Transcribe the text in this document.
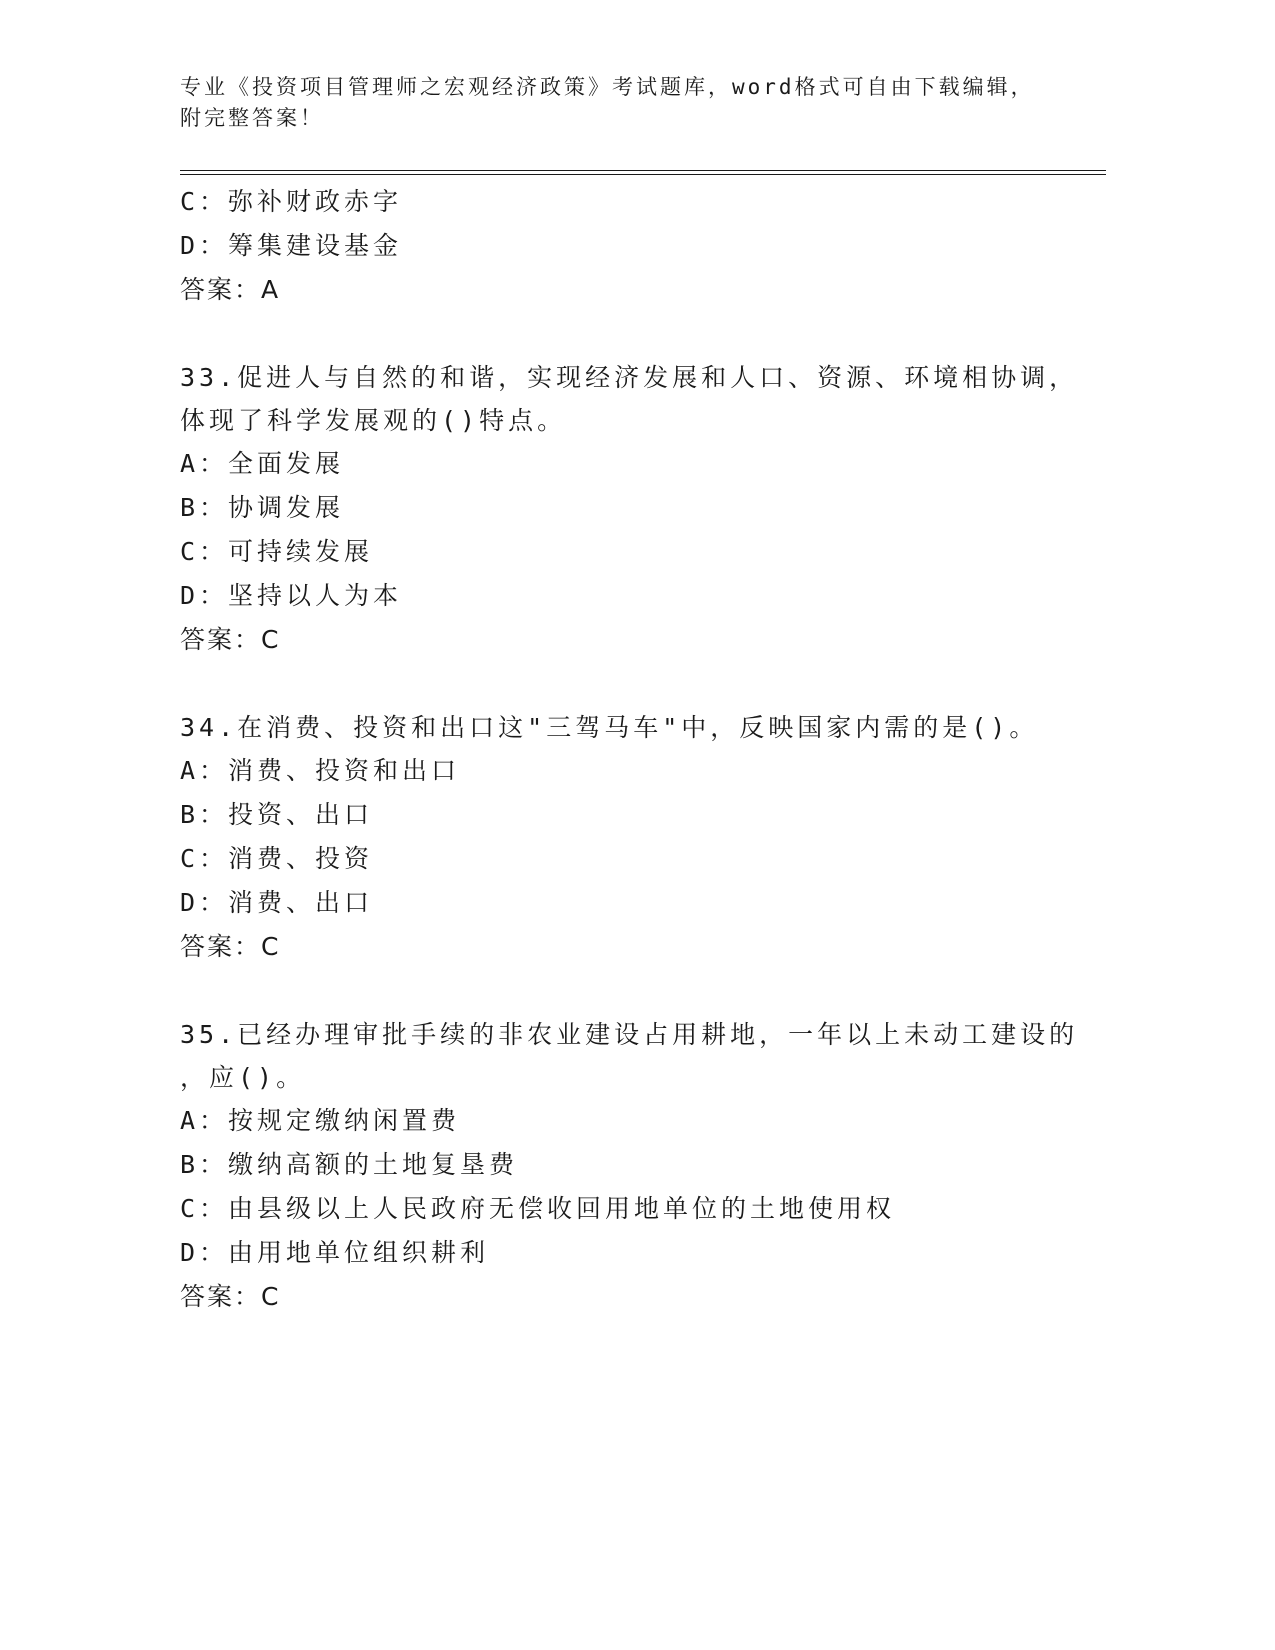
专业《投资项目管理师之宏观经济政策》考试题库，word格式可自由下载编辑，
附完整答案！
C：弥补财政赤字
D：筹集建设基金
答案：A
33.促进人与自然的和谐，实现经济发展和人口、资源、环境相协调，
体现了科学发展观的()特点。
A：全面发展
B：协调发展
C：可持续发展
D：坚持以人为本
答案：C
34.在消费、投资和出口这"三驾马车"中，反映国家内需的是()。
A：消费、投资和出口
B：投资、出口
C：消费、投资
D：消费、出口
答案：C
35.已经办理审批手续的非农业建设占用耕地，一年以上未动工建设的
，应()。
A：按规定缴纳闲置费
B：缴纳高额的土地复垦费
C：由县级以上人民政府无偿收回用地单位的土地使用权
D：由用地单位组织耕利
答案：C
